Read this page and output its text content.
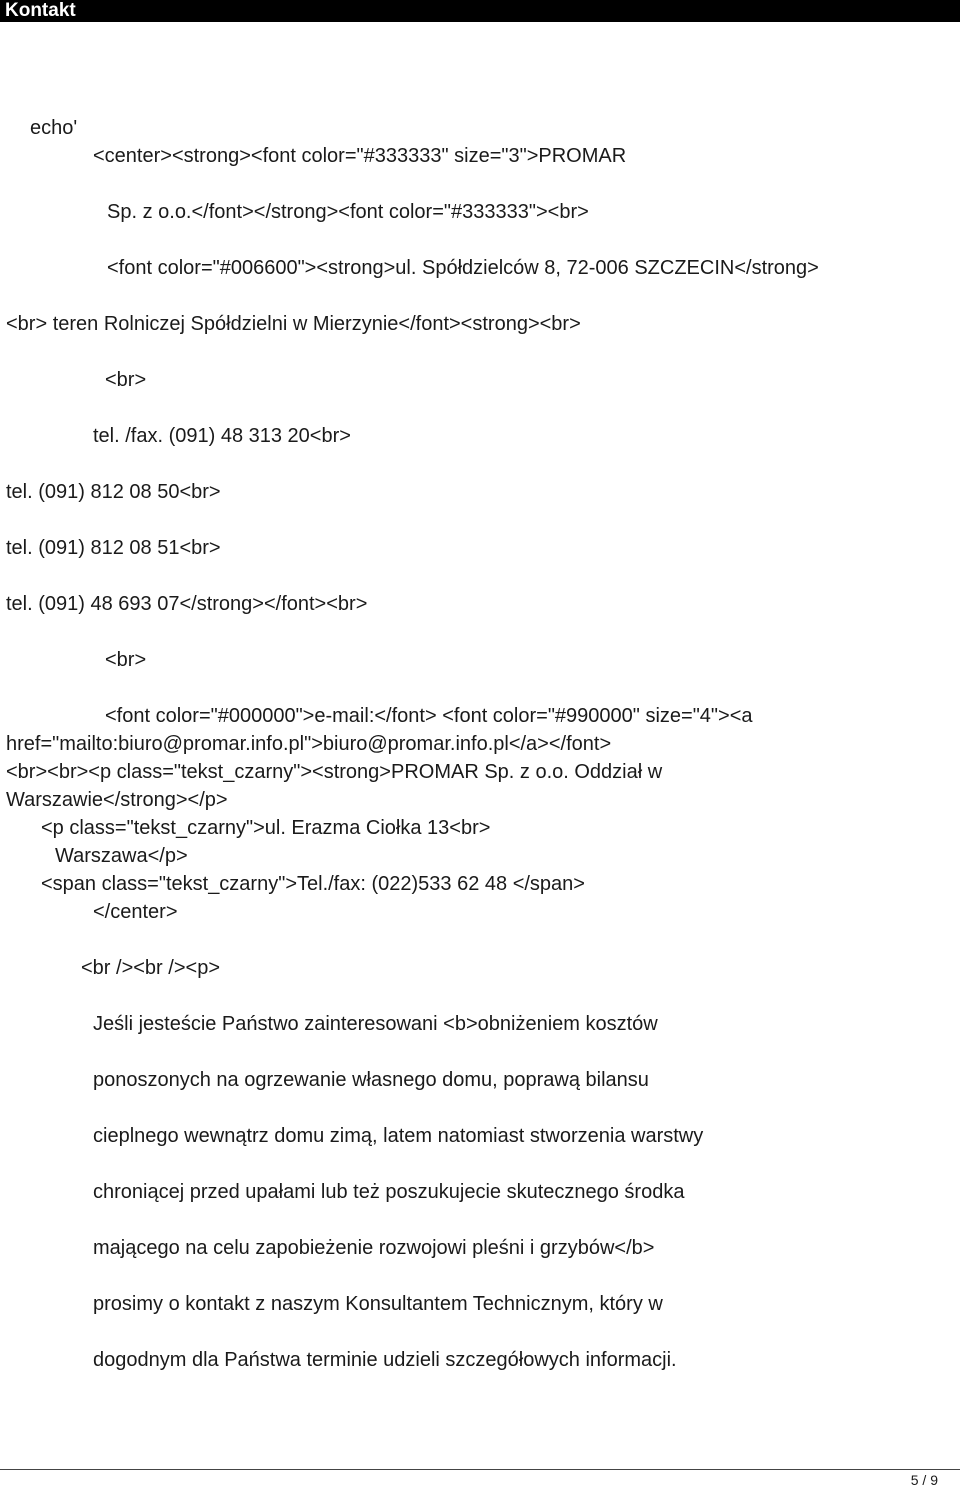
Kontakt
echo'
<center><strong><font color="#333333" size="3">PROMAR
Sp. z o.o.</font></strong><font color="#333333"><br>
<font color="#006600"><strong>ul. Spółdzielców 8, 72-006 SZCZECIN</strong>
<br> teren Rolniczej Spółdzielni w Mierzynie</font><strong><br>
<br>
tel. /fax. (091) 48 313 20<br>
tel. (091) 812 08 50<br>
tel. (091) 812 08 51<br>
tel. (091) 48 693 07</strong></font><br>
<br>
<font color="#000000">e-mail:</font> <font color="#990000" size="4"><a
href="mailto:biuro@promar.info.pl">biuro@promar.info.pl</a></font>
<br><br><p class="tekst_czarny"><strong>PROMAR Sp. z o.o. Oddział w
Warszawie</strong></p>
<p class="tekst_czarny">ul. Erazma Ciołka 13<br>
Warszawa</p>
<span class="tekst_czarny">Tel./fax: (022)533 62 48 </span>
</center>
<br /><br /><p>
Jeśli jesteście Państwo zainteresowani <b>obniżeniem kosztów
ponoszonych na ogrzewanie własnego domu, poprawą bilansu
cieplnego wewnątrz domu zimą, latem natomiast stworzenia warstwy
chroniącej przed upałami lub też poszukujecie skutecznego środka
mającego na celu zapobieżenie rozwojowi pleśni i grzybów</b>
prosimy o kontakt z naszym Konsultantem Technicznym, który w
dogodnym dla Państwa terminie udzieli szczegółowych informacji.
5 / 9
